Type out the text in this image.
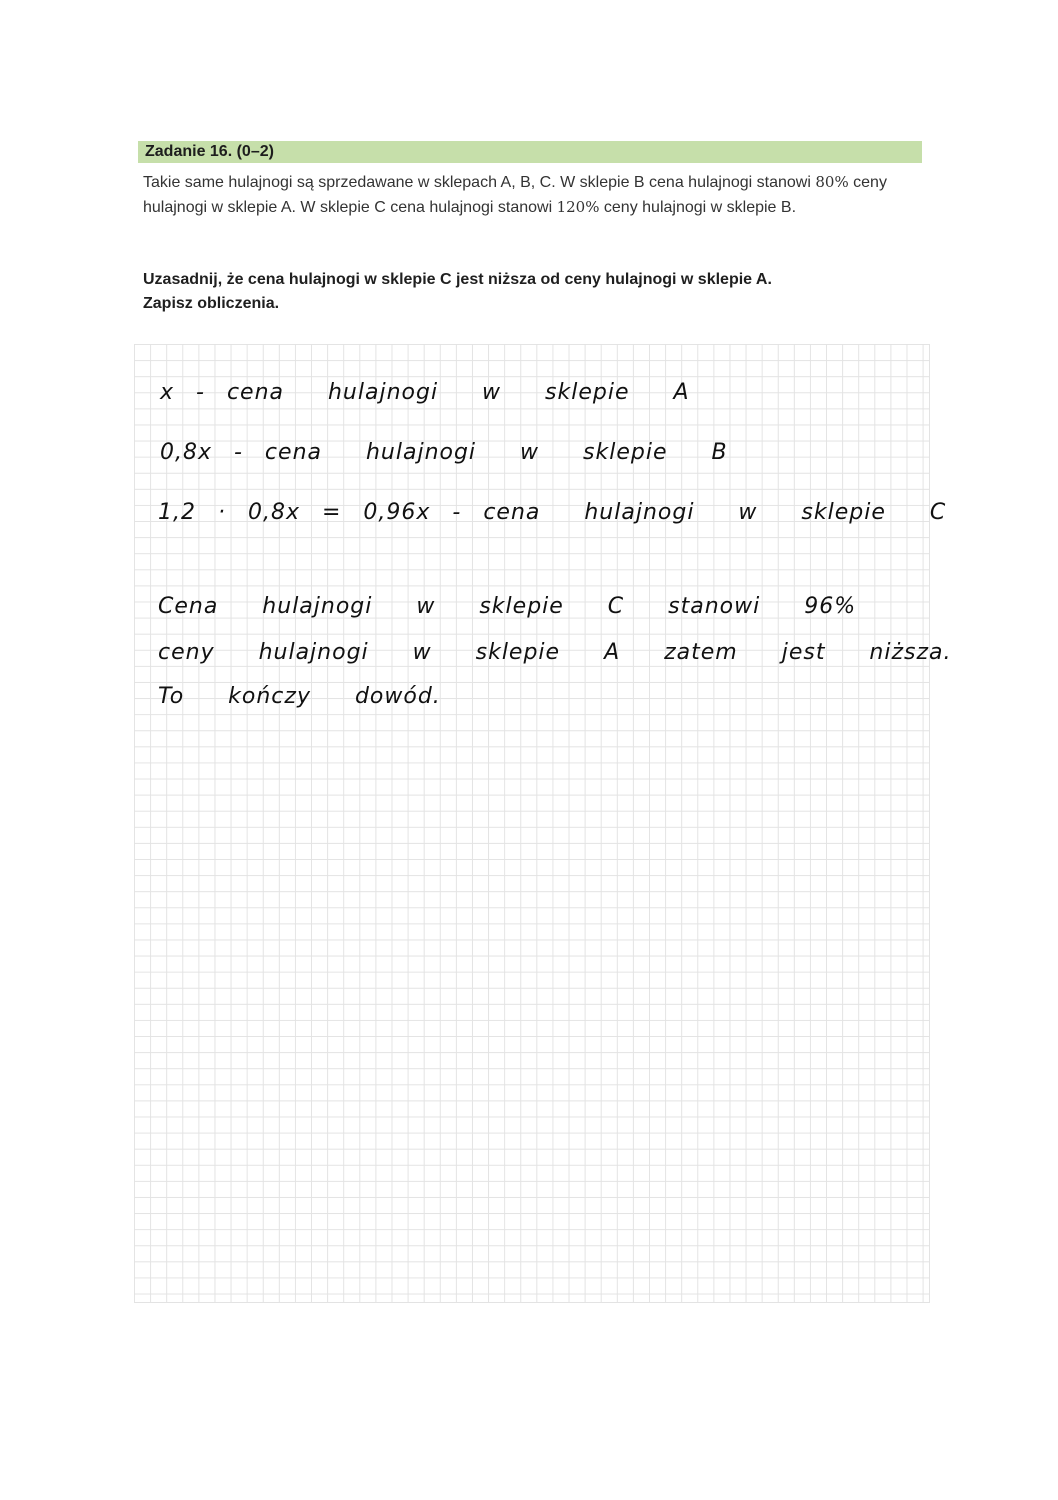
Zadanie 16. (0–2)
Takie same hulajnogi są sprzedawane w sklepach A, B, C. W sklepie B cena hulajnogi stanowi 80% ceny hulajnogi w sklepie A. W sklepie C cena hulajnogi stanowi 120% ceny hulajnogi w sklepie B.
Uzasadnij, że cena hulajnogi w sklepie C jest niższa od ceny hulajnogi w sklepie A.
Zapisz obliczenia.
x - cena  hulajnogi  w  sklepie  A
0,8x - cena  hulajnogi  w  sklepie  B
1,2 · 0,8x = 0,96x - cena  hulajnogi  w  sklepie  C
Cena  hulajnogi  w  sklepie  C  stanowi  96%
ceny  hulajnogi  w  sklepie  A  zatem  jest  niższa.
To  kończy  dowód.
